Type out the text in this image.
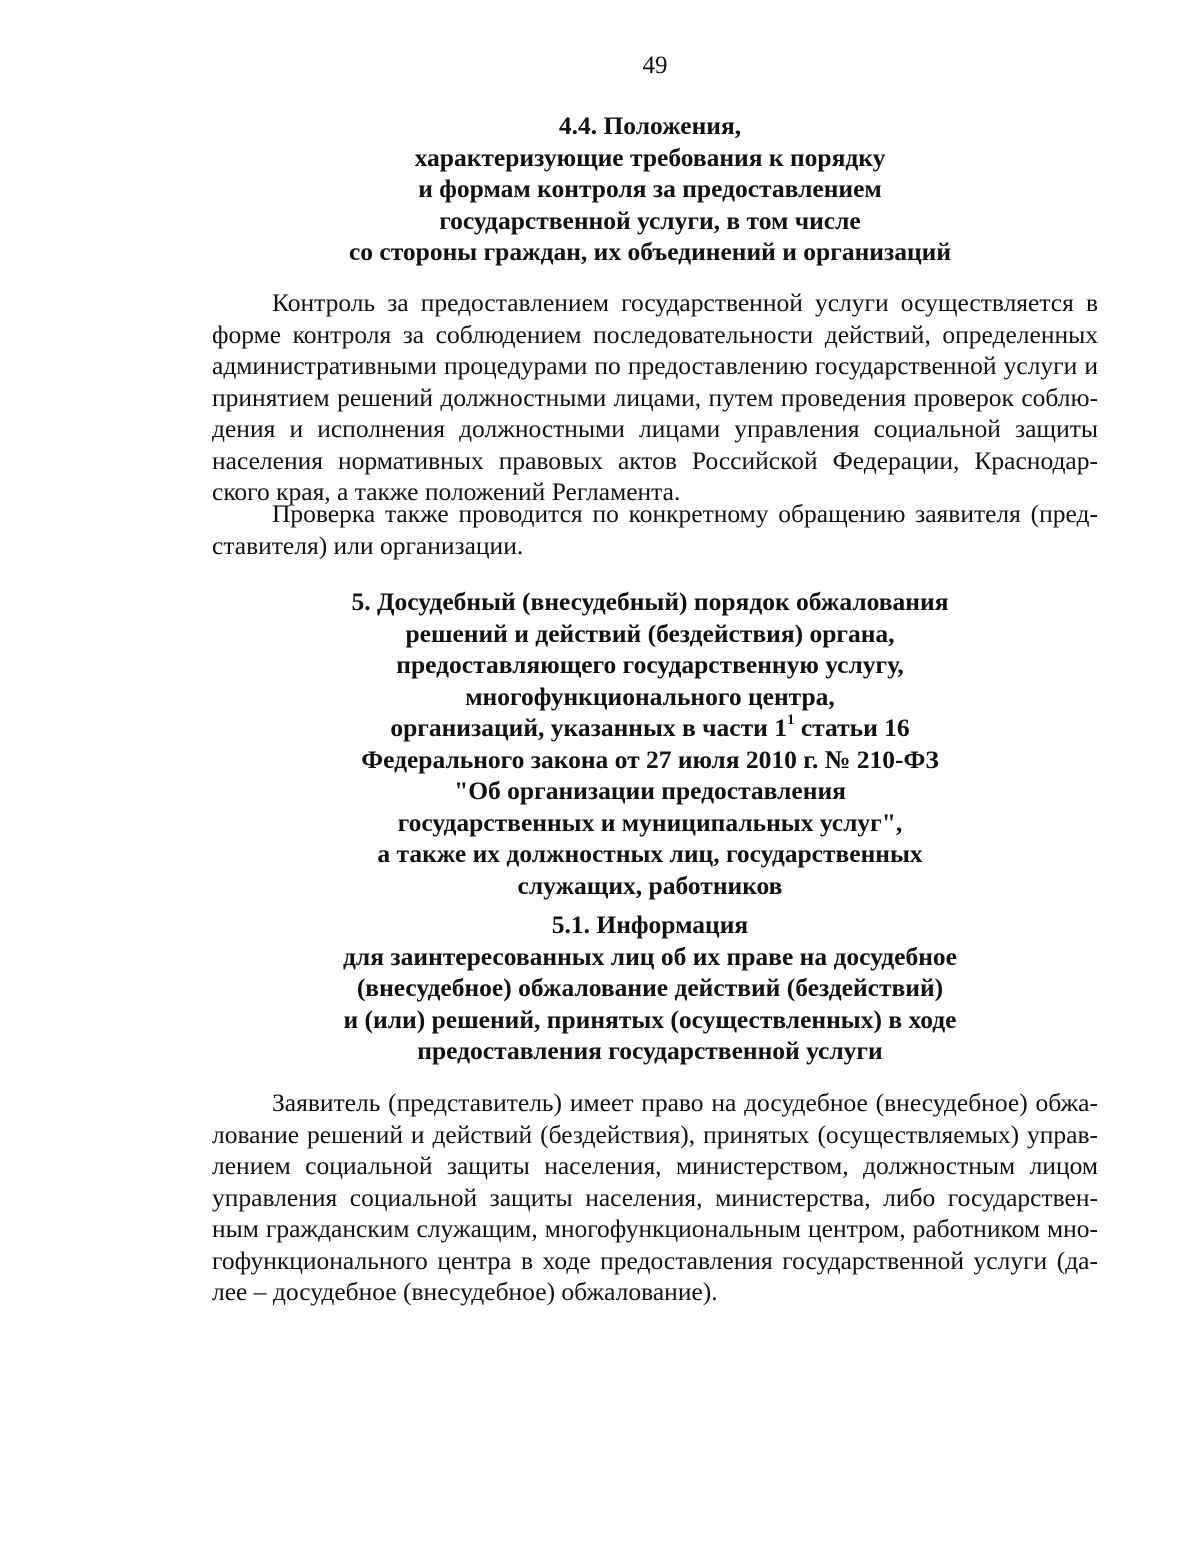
49
4.4. Положения,
характеризующие требования к порядку
и формам контроля за предоставлением
государственной услуги, в том числе
со стороны граждан, их объединений и организаций

Контроль за предоставлением государственной услуги осуществляется в
форме контроля за соблюдением последовательности действий, определенных
административными процедурами по предоставлению государственной услуги и
принятием решений должностными лицами, путем проведения проверок соблю-
дения и исполнения должностными лицами управления социальной защиты
населения нормативных правовых актов Российской Федерации, Краснодар-
ского края, а также положений Регламента.

Проверка также проводится по конкретному обращению заявителя (пред-
ставителя) или организации.

5. Досудебный (внесудебный) порядок обжалования
решений и действий (бездействия) органа,
предоставляющего государственную услугу,
многофункционального центра,
организаций, указанных в части $1^1$ статьи 16
Федерального закона от 27 июля 2010 г. № 210-ФЗ
"Об организации предоставления
государственных и муниципальных услуг",
а также их должностных лиц, государственных
служащих, работников
5.1. Информация
для заинтересованных лиц об их праве на досудебное
(внесудебное) обжалование действий (бездействий)
и (или) решений, принятых (осуществленных) в ходе
предоставления государственной услуги

Заявитель (представитель) имеет право на досудебное (внесудебное) обжа-
лование решений и действий (бездействия), принятых (осуществляемых) управ-
лением социальной защиты населения, министерством, должностным лицом
управления социальной защиты населения, министерства, либо государствен-
ным гражданским служащим, многофункциональным центром, работником мно-
гофункционального центра в ходе предоставления государственной услуги (да-
лее – досудебное (внесудебное) обжалование).
